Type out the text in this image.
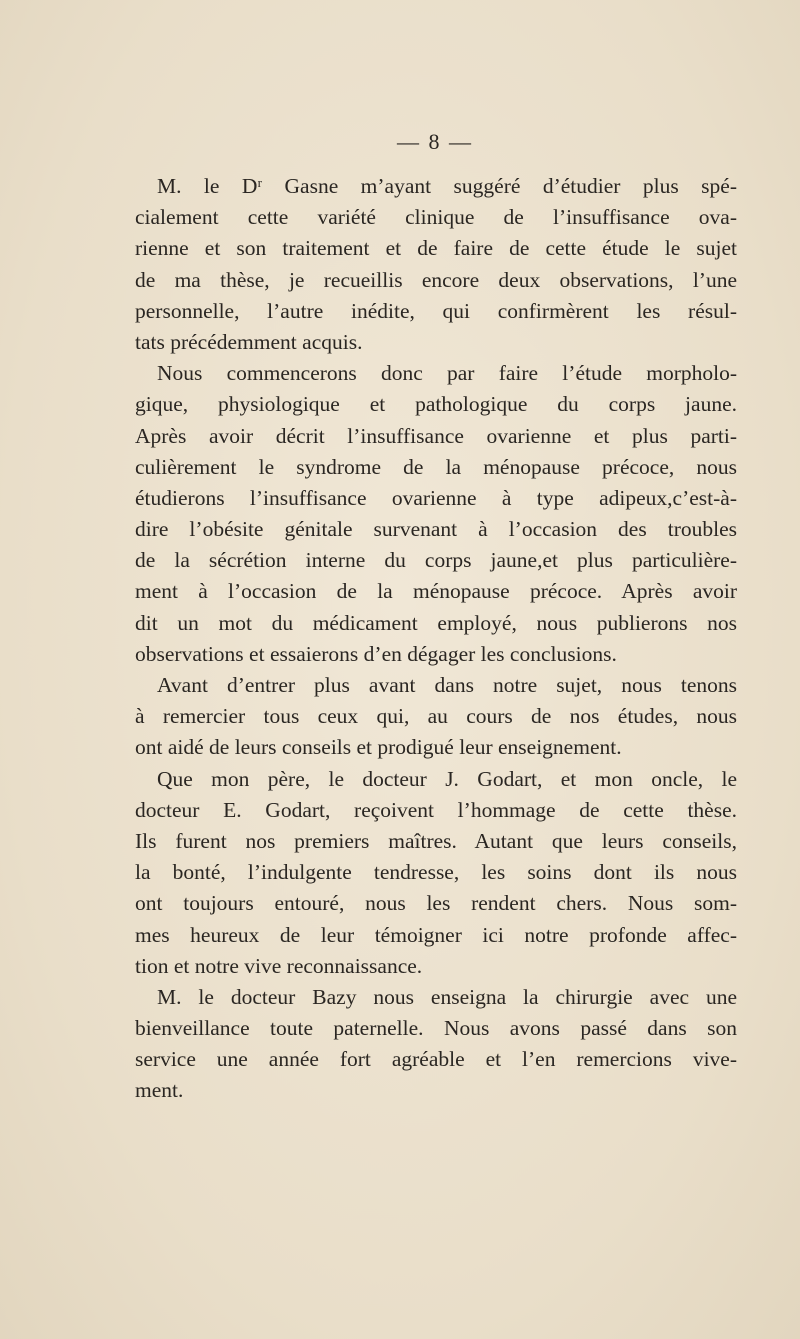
— 8 —
M. le Dʳ Gasne m’ayant suggéré d’étudier plus spé-
cialement cette variété clinique de l’insuffisance ova-
rienne et son traitement et de faire de cette étude le sujet
de ma thèse, je recueillis encore deux observations, l’une
personnelle, l’autre inédite, qui confirmèrent les résul-
tats précédemment acquis.
Nous commencerons donc par faire l’étude morpholo-
gique, physiologique et pathologique du corps jaune.
Après avoir décrit l’insuffisance ovarienne et plus parti-
culièrement le syndrome de la ménopause précoce, nous
étudierons l’insuffisance ovarienne à type adipeux,c’est-à-
dire l’obésite génitale survenant à l’occasion des troubles
de la sécrétion interne du corps jaune,et plus particulière-
ment à l’occasion de la ménopause précoce. Après avoir
dit un mot du médicament employé, nous publierons nos
observations et essaierons d’en dégager les conclusions.
Avant d’entrer plus avant dans notre sujet, nous tenons
à remercier tous ceux qui, au cours de nos études, nous
ont aidé de leurs conseils et prodigué leur enseignement.
Que mon père, le docteur J. Godart, et mon oncle, le
docteur E. Godart, reçoivent l’hommage de cette thèse.
Ils furent nos premiers maîtres. Autant que leurs conseils,
la bonté, l’indulgente tendresse, les soins dont ils nous
ont toujours entouré, nous les rendent chers. Nous som-
mes heureux de leur témoigner ici notre profonde affec-
tion et notre vive reconnaissance.
M. le docteur Bazy nous enseigna la chirurgie avec une
bienveillance toute paternelle. Nous avons passé dans son
service une année fort agréable et l’en remercions vive-
ment.
